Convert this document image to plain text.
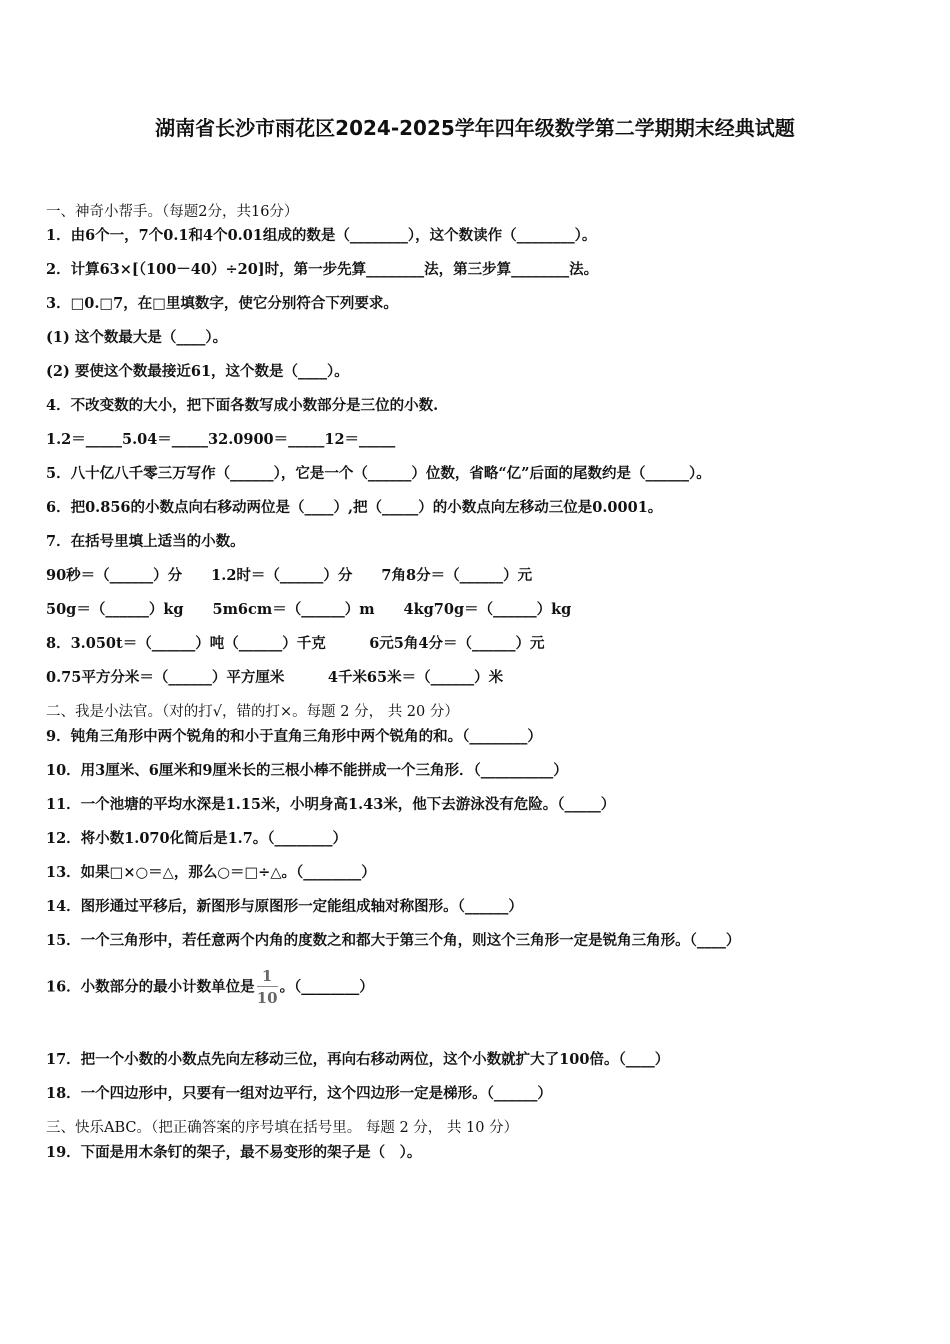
湖南省长沙市雨花区2024-2025学年四年级数学第二学期期末经典试题
一、神奇小帮手。（每题2分，共16分）
1．由6个一，7个0.1和4个0.01组成的数是（________），这个数读作（________）。
2．计算63×[（100－40）÷20]时，第一步先算________法，第三步算________法。
3．□0.□7，在□里填数字，使它分别符合下列要求。
(1) 这个数最大是（____）。
(2) 要使这个数最接近61，这个数是（____）。
4．不改变数的大小，把下面各数写成小数部分是三位的小数.
1.2＝_____5.04＝_____32.0900＝_____12＝_____
5．八十亿八千零三万写作（______），它是一个（______）位数，省略“亿”后面的尾数约是（______）。
6．把0.856的小数点向右移动两位是（____）,把（_____）的小数点向左移动三位是0.0001。
7．在括号里填上适当的小数。
90秒＝（______）分　　1.2时＝（______）分　　7角8分＝（______）元
50g＝（______）kg　　5m6cm＝（______）m　　4kg70g＝（______）kg
8．3.050t＝（______）吨（______）千克　　　6元5角4分＝（______）元
0.75平方分米＝（______）平方厘米　　　4千米65米＝（______）米
二、我是小法官。（对的打√，错的打×。每题 2 分， 共 20 分）
9．钝角三角形中两个锐角的和小于直角三角形中两个锐角的和。（________）
10．用3厘米、6厘米和9厘米长的三根小棒不能拼成一个三角形．（__________）
11．一个池塘的平均水深是1.15米，小明身高1.43米，他下去游泳没有危险。（_____）
12．将小数1.070化简后是1.7。（________）
13．如果□×○＝△，那么○＝□÷△。（________）
14．图形通过平移后，新图形与原图形一定能组成轴对称图形。（______）
15．一个三角形中，若任意两个内角的度数之和都大于第三个角，则这个三角形一定是锐角三角形。（____）
16．小数部分的最小计数单位是 $\frac{1}{10}$ 。（________）
17．把一个小数的小数点先向左移动三位，再向右移动两位，这个小数就扩大了100倍。（____）
18．一个四边形中，只要有一组对边平行，这个四边形一定是梯形。（______）
三、快乐ABC。（把正确答案的序号填在括号里。 每题 2 分， 共 10 分）
19．下面是用木条钉的架子，最不易变形的架子是（　）。
